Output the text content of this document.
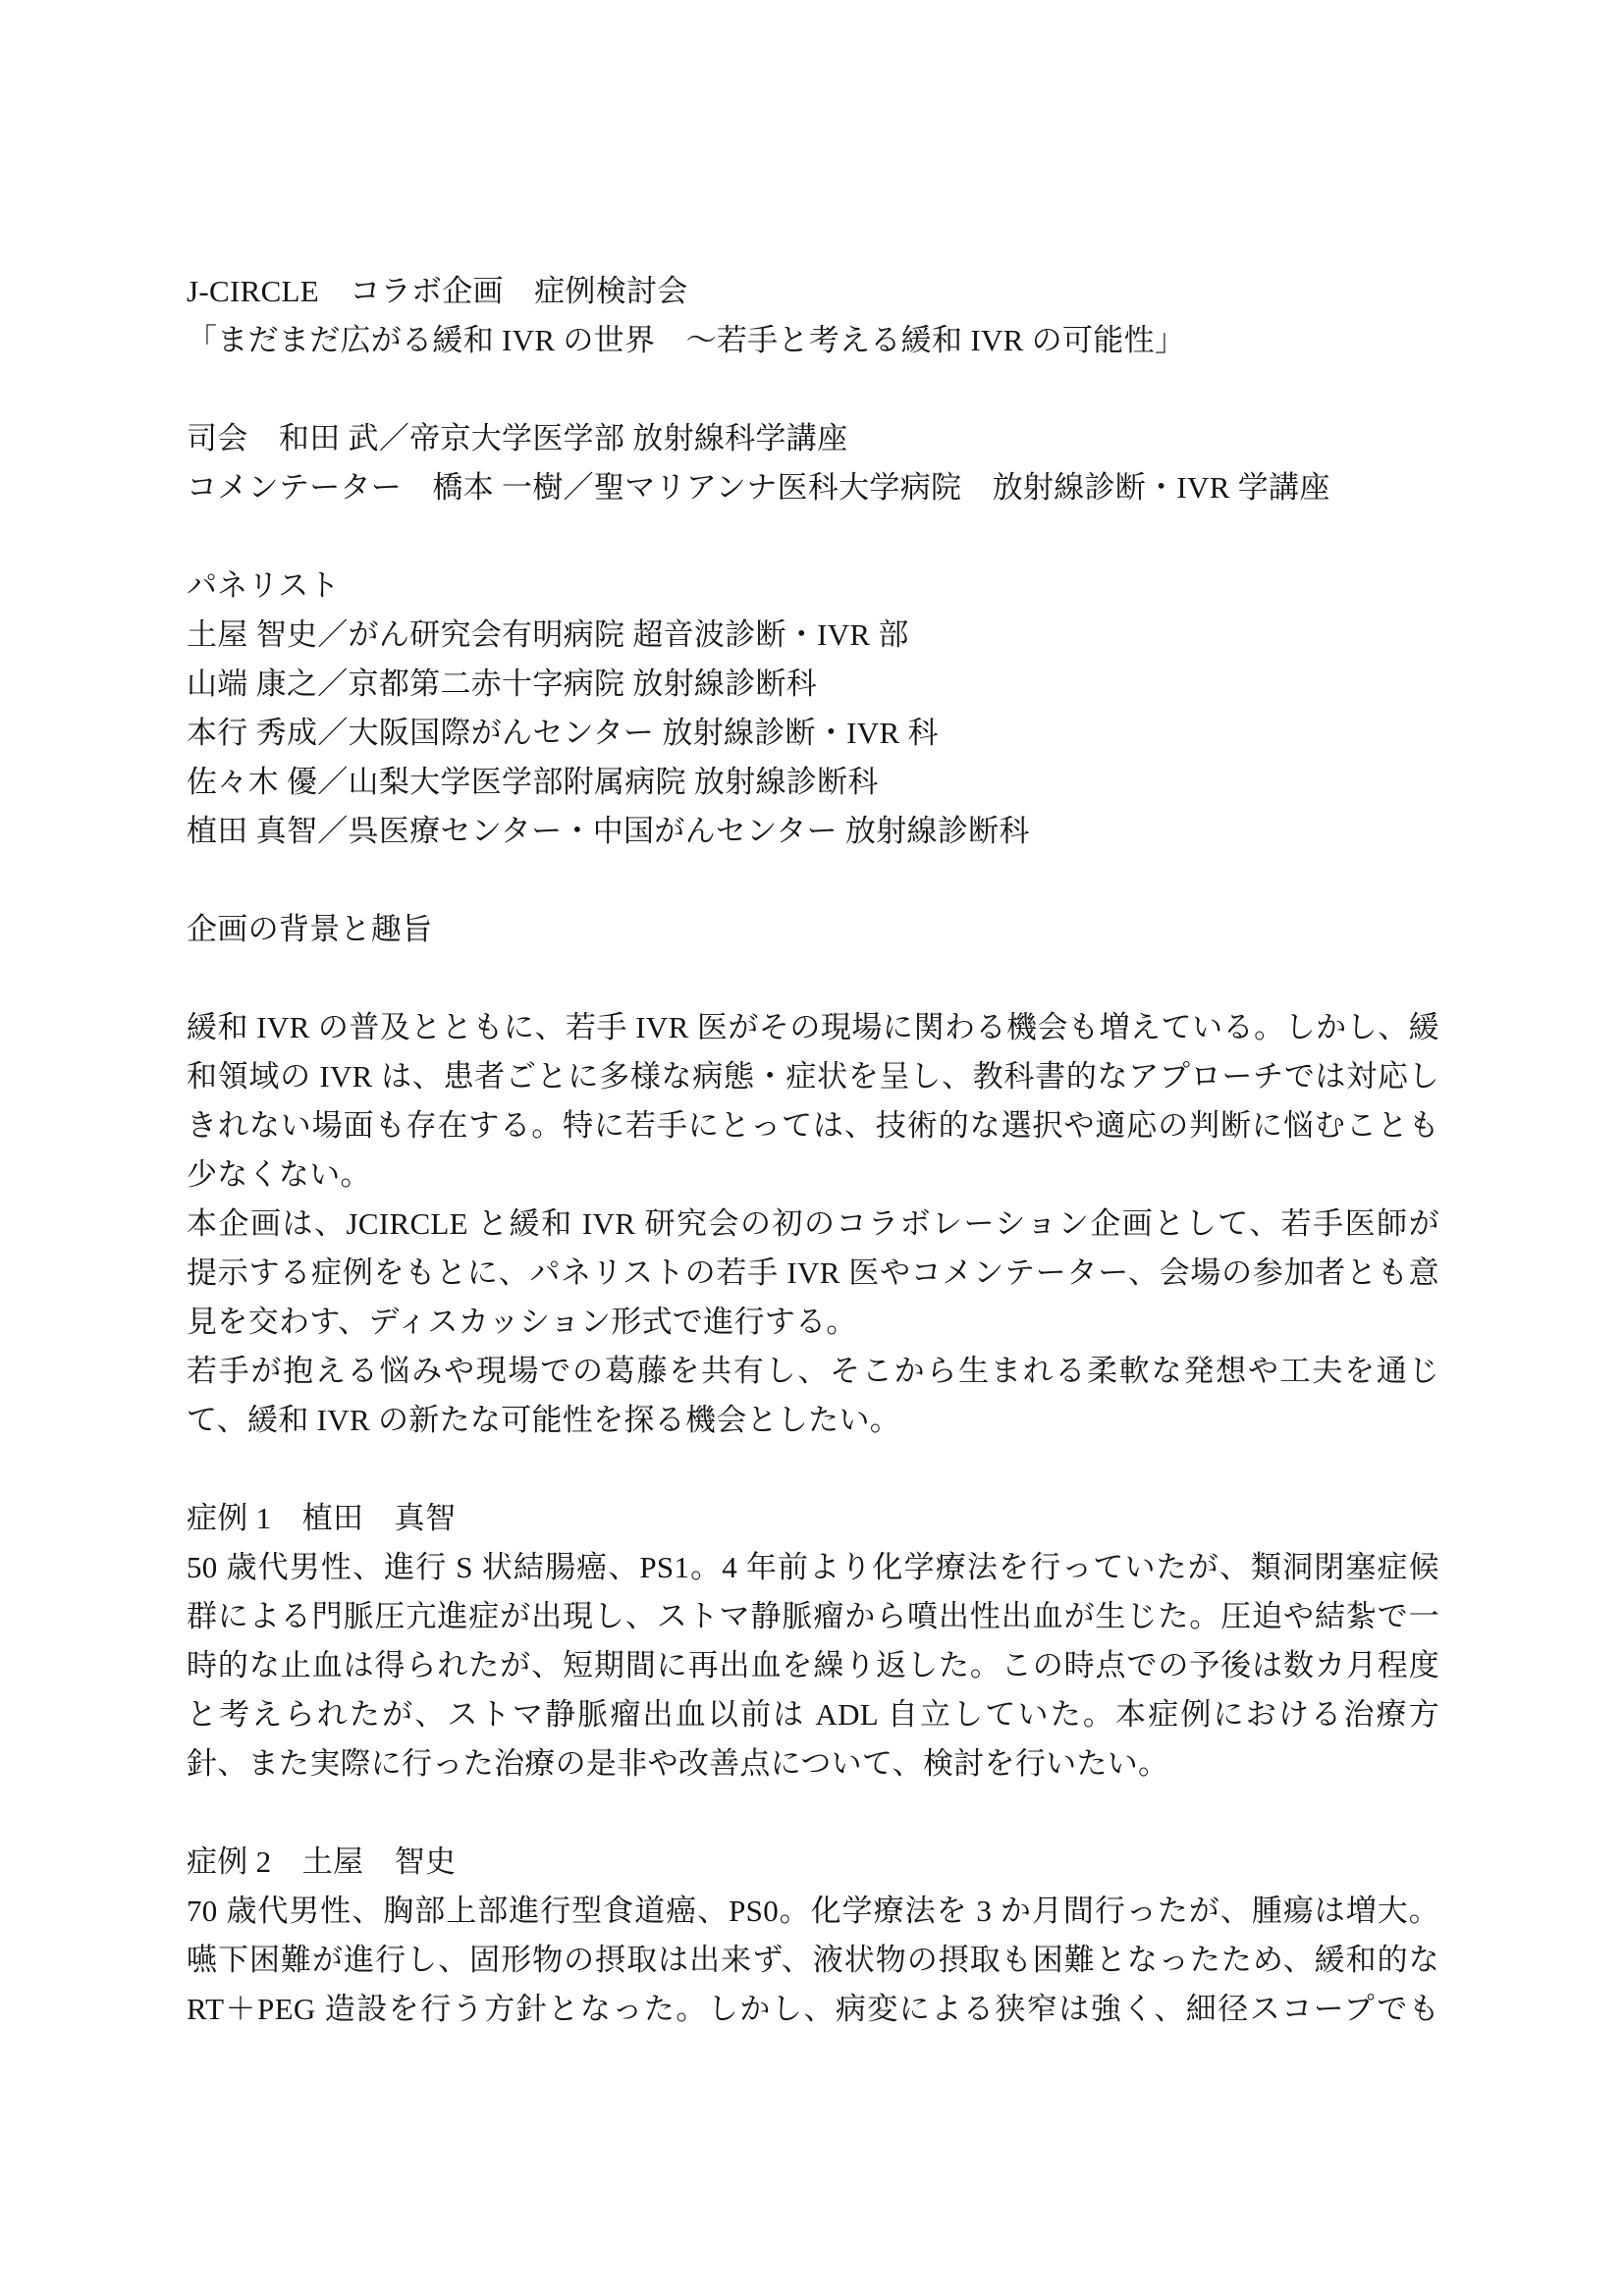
J-CIRCLE　コラボ企画　症例検討会
「まだまだ広がる緩和 IVR の世界　～若手と考える緩和 IVR の可能性」
司会　和田 武／帝京大学医学部 放射線科学講座
コメンテーター　橋本 一樹／聖マリアンナ医科大学病院　放射線診断・IVR 学講座
パネリスト
土屋 智史／がん研究会有明病院 超音波診断・IVR 部
山端 康之／京都第二赤十字病院 放射線診断科
本行 秀成／大阪国際がんセンター 放射線診断・IVR 科
佐々木 優／山梨大学医学部附属病院 放射線診断科
植田 真智／呉医療センター・中国がんセンター 放射線診断科
企画の背景と趣旨
緩和 IVR の普及とともに、若手 IVR 医がその現場に関わる機会も増えている。しかし、緩
和領域の IVR は、患者ごとに多様な病態・症状を呈し、教科書的なアプローチでは対応し
きれない場面も存在する。特に若手にとっては、技術的な選択や適応の判断に悩むことも
少なくない。
本企画は、JCIRCLE と緩和 IVR 研究会の初のコラボレーション企画として、若手医師が
提示する症例をもとに、パネリストの若手 IVR 医やコメンテーター、会場の参加者とも意
見を交わす、ディスカッション形式で進行する。
若手が抱える悩みや現場での葛藤を共有し、そこから生まれる柔軟な発想や工夫を通じ
て、緩和 IVR の新たな可能性を探る機会としたい。
症例 1　植田　真智
50 歳代男性、進行 S 状結腸癌、PS1。4 年前より化学療法を行っていたが、類洞閉塞症候
群による門脈圧亢進症が出現し、ストマ静脈瘤から噴出性出血が生じた。圧迫や結紮で一
時的な止血は得られたが、短期間に再出血を繰り返した。この時点での予後は数カ月程度
と考えられたが、ストマ静脈瘤出血以前は ADL 自立していた。本症例における治療方
針、また実際に行った治療の是非や改善点について、検討を行いたい。
症例 2　土屋　智史
70 歳代男性、胸部上部進行型食道癌、PS0。化学療法を 3 か月間行ったが、腫瘍は増大。
嚥下困難が進行し、固形物の摂取は出来ず、液状物の摂取も困難となったため、緩和的な
RT＋PEG 造設を行う方針となった。しかし、病変による狭窄は強く、細径スコープでも
